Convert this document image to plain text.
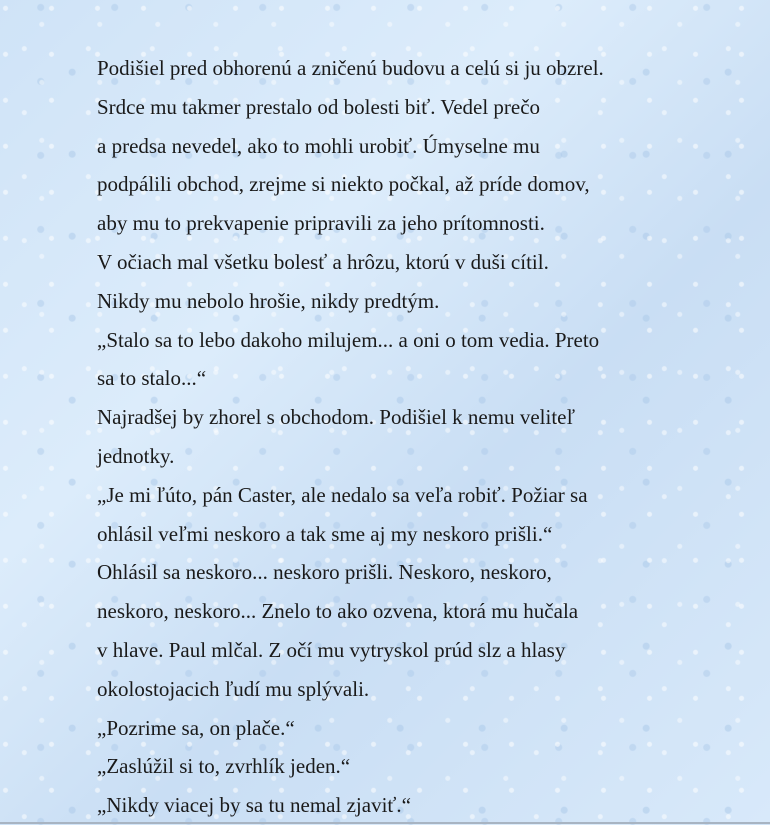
Podišiel pred obhorenú a zničenú budovu a celú si ju obzrel.
Srdce mu takmer prestalo od bolesti biť. Vedel prečo
a predsa nevedel, ako to mohli urobiť. Úmyselne mu
podpálili obchod, zrejme si niekto počkal, až príde domov,
aby mu to prekvapenie pripravili za jeho prítomnosti.
V očiach mal všetku bolesť a hrôzu, ktorú v duši cítil.
Nikdy mu nebolo hrošie, nikdy predtým.
„Stalo sa to lebo dakoho milujem... a oni o tom vedia. Preto
sa to stalo...“
Najradšej by zhorel s obchodom. Podišiel k nemu veliteľ
jednotky.
„Je mi ľúto, pán Caster, ale nedalo sa veľa robiť. Požiar sa
ohlásil veľmi neskoro a tak sme aj my neskoro prišli.“
Ohlásil sa neskoro... neskoro prišli. Neskoro, neskoro,
neskoro, neskoro... Znelo to ako ozvena, ktorá mu hučala
v hlave. Paul mlčal. Z očí mu vytryskol prúd slz a hlasy
okolostojacich ľudí mu splývali.
„Pozrime sa, on plače.“
„Zaslúžil si to, zvrhlík jeden.“
„Nikdy viacej by sa tu nemal zjaviť.“
